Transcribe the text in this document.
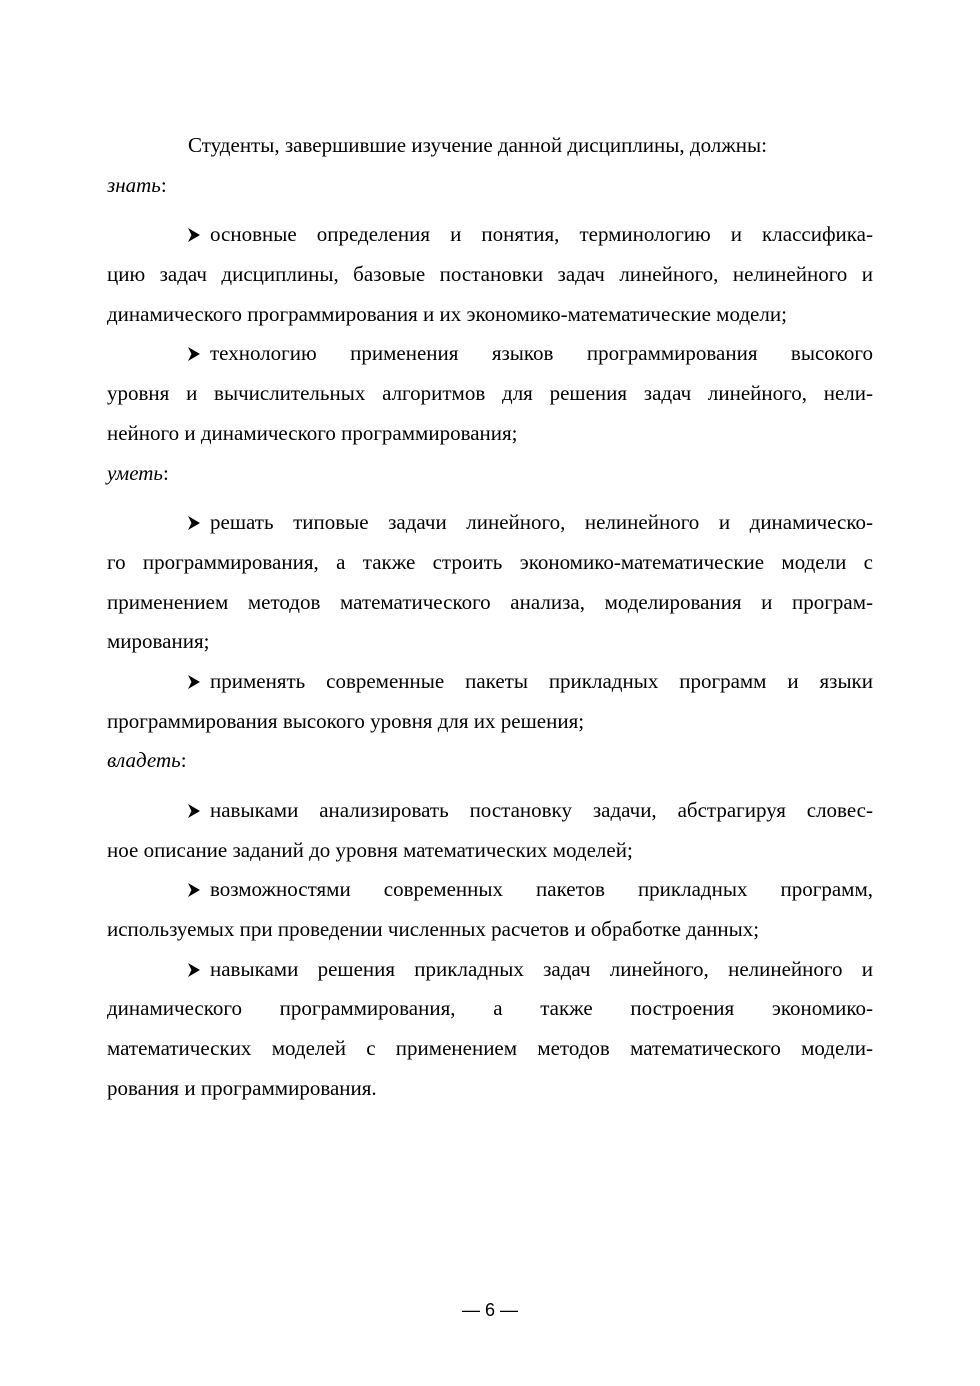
Студенты, завершившие изучение данной дисциплины, должны:
знать:
основные определения и понятия, терминологию и классифика-
цию задач дисциплины, базовые постановки задач линейного, нелинейного и
динамического программирования и их экономико-математические модели;
технологию применения языков программирования высокого
уровня и вычислительных алгоритмов для решения задач линейного, нели-
нейного и динамического программирования;
уметь:
решать типовые задачи линейного, нелинейного и динамическо-
го программирования, а также строить экономико-математические модели с
применением методов математического анализа, моделирования и програм-
мирования;
применять современные пакеты прикладных программ и языки
программирования высокого уровня для их решения;
владеть:
навыками анализировать постановку задачи, абстрагируя словес-
ное описание заданий до уровня математических моделей;
возможностями современных пакетов прикладных программ,
используемых при проведении численных расчетов и обработке данных;
навыками решения прикладных задач линейного, нелинейного и
динамического программирования, а также построения экономико-
математических моделей с применением методов математического модели-
рования и программирования.
— 6 —
